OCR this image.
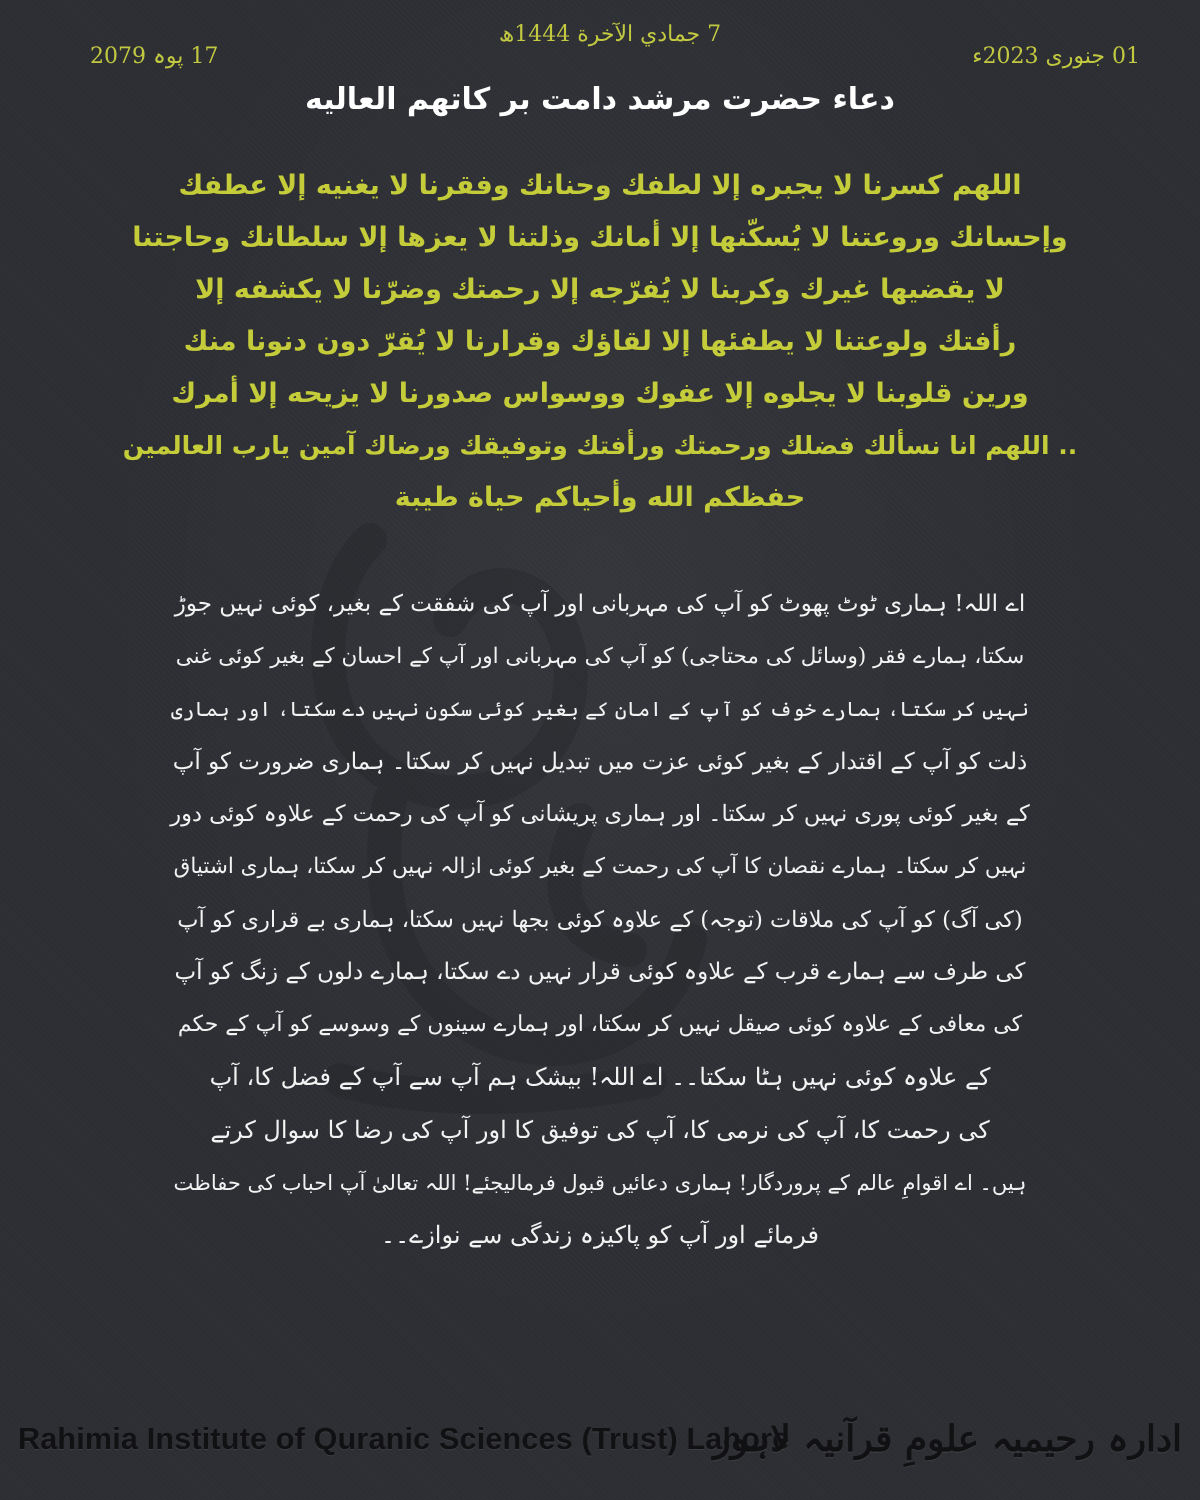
17 پوہ 2079
7 جمادي الآخرة 1444ھ
01 جنوری 2023ء
دعاء حضرت مرشد دامت بر کاتھم العالیه
اللهم كسرنا لا يجبره إلا لطفك وحنانك وفقرنا لا يغنيه إلا عطفك
وإحسانك وروعتنا لا يُسكّنها إلا أمانك وذلتنا لا يعزها إلا سلطانك وحاجتنا
لا يقضيها غيرك وكربنا لا يُفرّجه إلا رحمتك وضرّنا لا يكشفه إلا
رأفتك ولوعتنا لا يطفئها إلا لقاؤك وقرارنا لا يُقرّ دون دنونا منك
ورين قلوبنا لا يجلوه إلا عفوك ووسواس صدورنا لا يزيحه إلا أمرك
.. اللهم انا نسألك فضلك ورحمتك ورأفتك وتوفيقك ورضاك آمين يارب العالمين
حفظكم الله وأحياكم حياة طيبة
اے اللہ! ہماری ٹوٹ پھوٹ کو آپ کی مہربانی اور آپ کی شفقت کے بغیر، کوئی نہیں جوڑ
سکتا، ہمارے فقر (وسائل کی محتاجی) کو آپ کی مہربانی اور آپ کے احسان کے بغیر کوئی غنی
نہیں کر سکتا، ہمارے خوف کو آپ کے امان کے بغیر کوئی سکون نہیں دے سکتا، اور ہماری
ذلت کو آپ کے اقتدار کے بغیر کوئی عزت میں تبدیل نہیں کر سکتا۔ ہماری ضرورت کو آپ
کے بغیر کوئی پوری نہیں کر سکتا۔ اور ہماری پریشانی کو آپ کی رحمت کے علاوہ کوئی دور
نہیں کر سکتا۔ ہمارے نقصان کا آپ کی رحمت کے بغیر کوئی ازالہ نہیں کر سکتا، ہماری اشتیاق
(کی آگ) کو آپ کی ملاقات (توجہ) کے علاوہ کوئی بجھا نہیں سکتا، ہماری بے قراری کو آپ
کی طرف سے ہمارے قرب کے علاوہ کوئی قرار نہیں دے سکتا، ہمارے دلوں کے زنگ کو آپ
کی معافی کے علاوہ کوئی صیقل نہیں کر سکتا، اور ہمارے سینوں کے وسوسے کو آپ کے حکم
کے علاوہ کوئی نہیں ہٹا سکتا۔۔ اے اللہ! بیشک ہم آپ سے آپ کے فضل کا، آپ
کی رحمت کا، آپ کی نرمی کا، آپ کی توفیق کا اور آپ کی رضا کا سوال کرتے
ہیں۔ اے اقوامِ عالم کے پروردگار! ہماری دعائیں قبول فرمالیجئے! اللہ تعالیٰ آپ احباب کی حفاظت
فرمائے اور آپ کو پاکیزہ زندگی سے نوازے۔۔
Rahimia Institute of Quranic Sciences (Trust) Lahore
ادارہ رحیمیہ علومِ قرآنیہ لاہور
